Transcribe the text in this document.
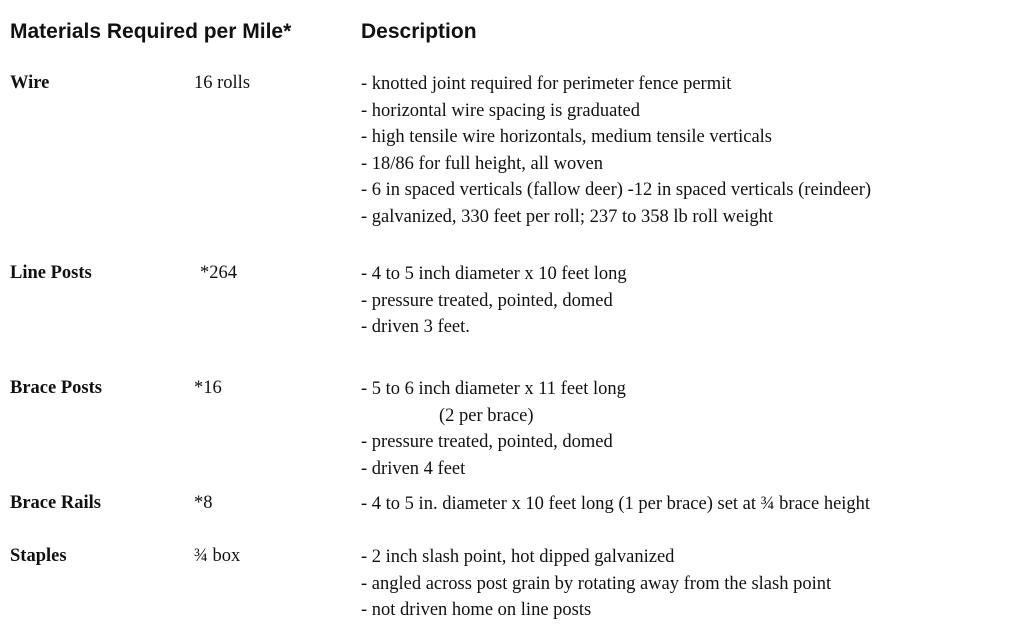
Materials Required per Mile*	Description
Wire	16 rolls	- knotted joint required for perimeter fence permit
- horizontal wire spacing is graduated
- high tensile wire horizontals, medium tensile verticals
- 18/86 for full height, all woven
- 6 in spaced verticals (fallow deer) -12 in spaced verticals (reindeer)
- galvanized, 330 feet per roll; 237 to 358 lb roll weight
Line Posts	*264	- 4 to 5 inch diameter x 10 feet long
- pressure treated, pointed, domed
- driven 3 feet.
Brace Posts	*16	- 5 to 6 inch diameter x 11 feet long
(2 per brace)
- pressure treated, pointed, domed
- driven 4 feet
Brace Rails	*8	- 4 to 5 in. diameter x 10 feet long (1 per brace) set at ¾ brace height
Staples	¾ box	- 2 inch slash point, hot dipped galvanized
- angled across post grain by rotating away from the slash point
- not driven home on line posts
